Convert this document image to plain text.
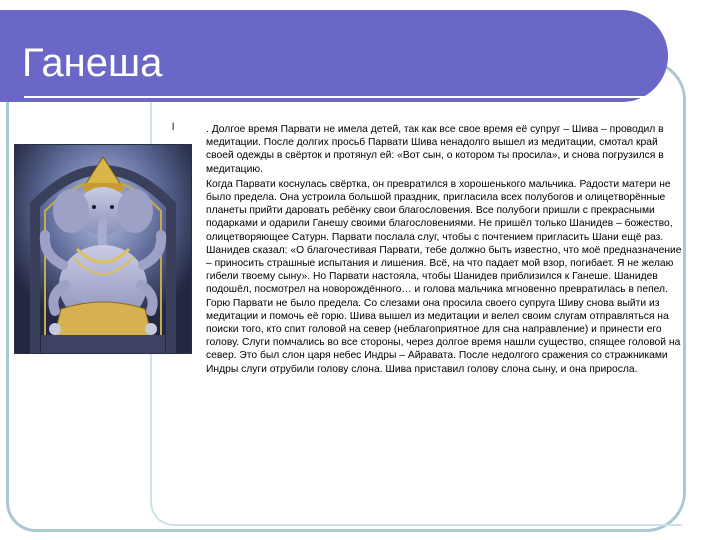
Ганеша
l	. Долгое время Парвати не имела детей, так как все свое время её супруг – Шива – проводил в медитации. После долгих просьб Парвати Шива ненадолго вышел из медитации, смотал край своей одежды в свёрток и протянул ей: «Вот сын, о котором ты просила», и снова погрузился в медитацию.

Когда Парвати коснулась свёртка, он превратился в хорошенького мальчика. Радости матери не было предела. Она устроила большой праздник, пригласила всех полубогов и олицетворённые планеты прийти даровать ребёнку свои благословения. Все полубоги пришли с прекрасными подарками и одарили Ганешу своими благословениями. Не пришёл только Шанидев – божество, олицетворяющее Сатурн. Парвати послала слуг, чтобы с почтением пригласить Шани ещё раз. Шанидев сказал: «О благочестивая Парвати, тебе должно быть известно, что моё предназначение – приносить страшные испытания и лишения. Всё, на что падает мой взор, погибает. Я не желаю гибели твоему сыну». Но Парвати настояла, чтобы Шанидев приблизился к Ганеше. Шанидев подошёл, посмотрел на новорождённого… и голова мальчика мгновенно превратилась в пепел. Горю Парвати не было предела. Со слезами она просила своего супруга Шиву снова выйти из медитации и помочь её горю. Шива вышел из медитации и велел своим слугам отправляться на поиски того, кто спит головой на север (неблагоприятное для сна направление) и принести его голову. Слуги помчались во все стороны, через долгое время нашли существо, спящее головой на север. Это был слон царя небес Индры – Айравата. После недолгого сражения со стражниками Индры слуги отрубили голову слона. Шива приставил голову слона сыну, и она приросла.
